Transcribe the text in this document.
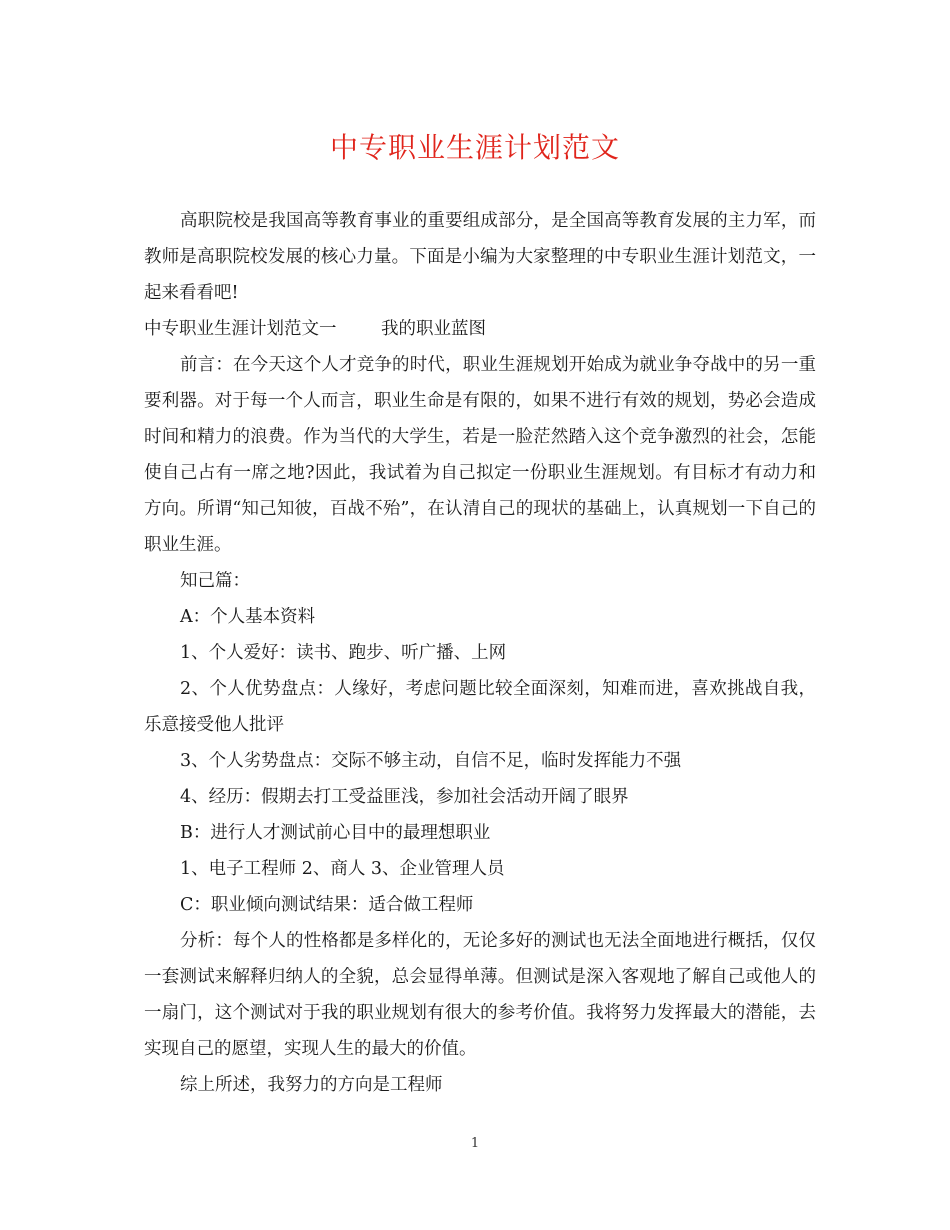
中专职业生涯计划范文

高职院校是我国高等教育事业的重要组成部分，是全国高等教育发展的主力军，而教师是高职院校发展的核心力量。下面是小编为大家整理的中专职业生涯计划范文，一起来看看吧!

中专职业生涯计划范文一        我的职业蓝图

前言：在今天这个人才竞争的时代，职业生涯规划开始成为就业争夺战中的另一重要利器。对于每一个人而言，职业生命是有限的，如果不进行有效的规划，势必会造成时间和精力的浪费。作为当代的大学生，若是一脸茫然踏入这个竞争激烈的社会，怎能使自己占有一席之地?因此，我试着为自己拟定一份职业生涯规划。有目标才有动力和方向。所谓“知己知彼，百战不殆”，在认清自己的现状的基础上，认真规划一下自己的职业生涯。

知己篇：

A：个人基本资料

1、个人爱好：读书、跑步、听广播、上网

2、个人优势盘点：人缘好，考虑问题比较全面深刻，知难而进，喜欢挑战自我，乐意接受他人批评

3、个人劣势盘点：交际不够主动，自信不足，临时发挥能力不强

4、经历：假期去打工受益匪浅，参加社会活动开阔了眼界

B：进行人才测试前心目中的最理想职业

1、电子工程师 2、商人 3、企业管理人员

C：职业倾向测试结果：适合做工程师

分析：每个人的性格都是多样化的，无论多好的测试也无法全面地进行概括，仅仅一套测试来解释归纳人的全貌，总会显得单薄。但测试是深入客观地了解自己或他人的一扇门，这个测试对于我的职业规划有很大的参考价值。我将努力发挥最大的潜能，去实现自己的愿望，实现人生的最大的价值。

综上所述，我努力的方向是工程师

1
